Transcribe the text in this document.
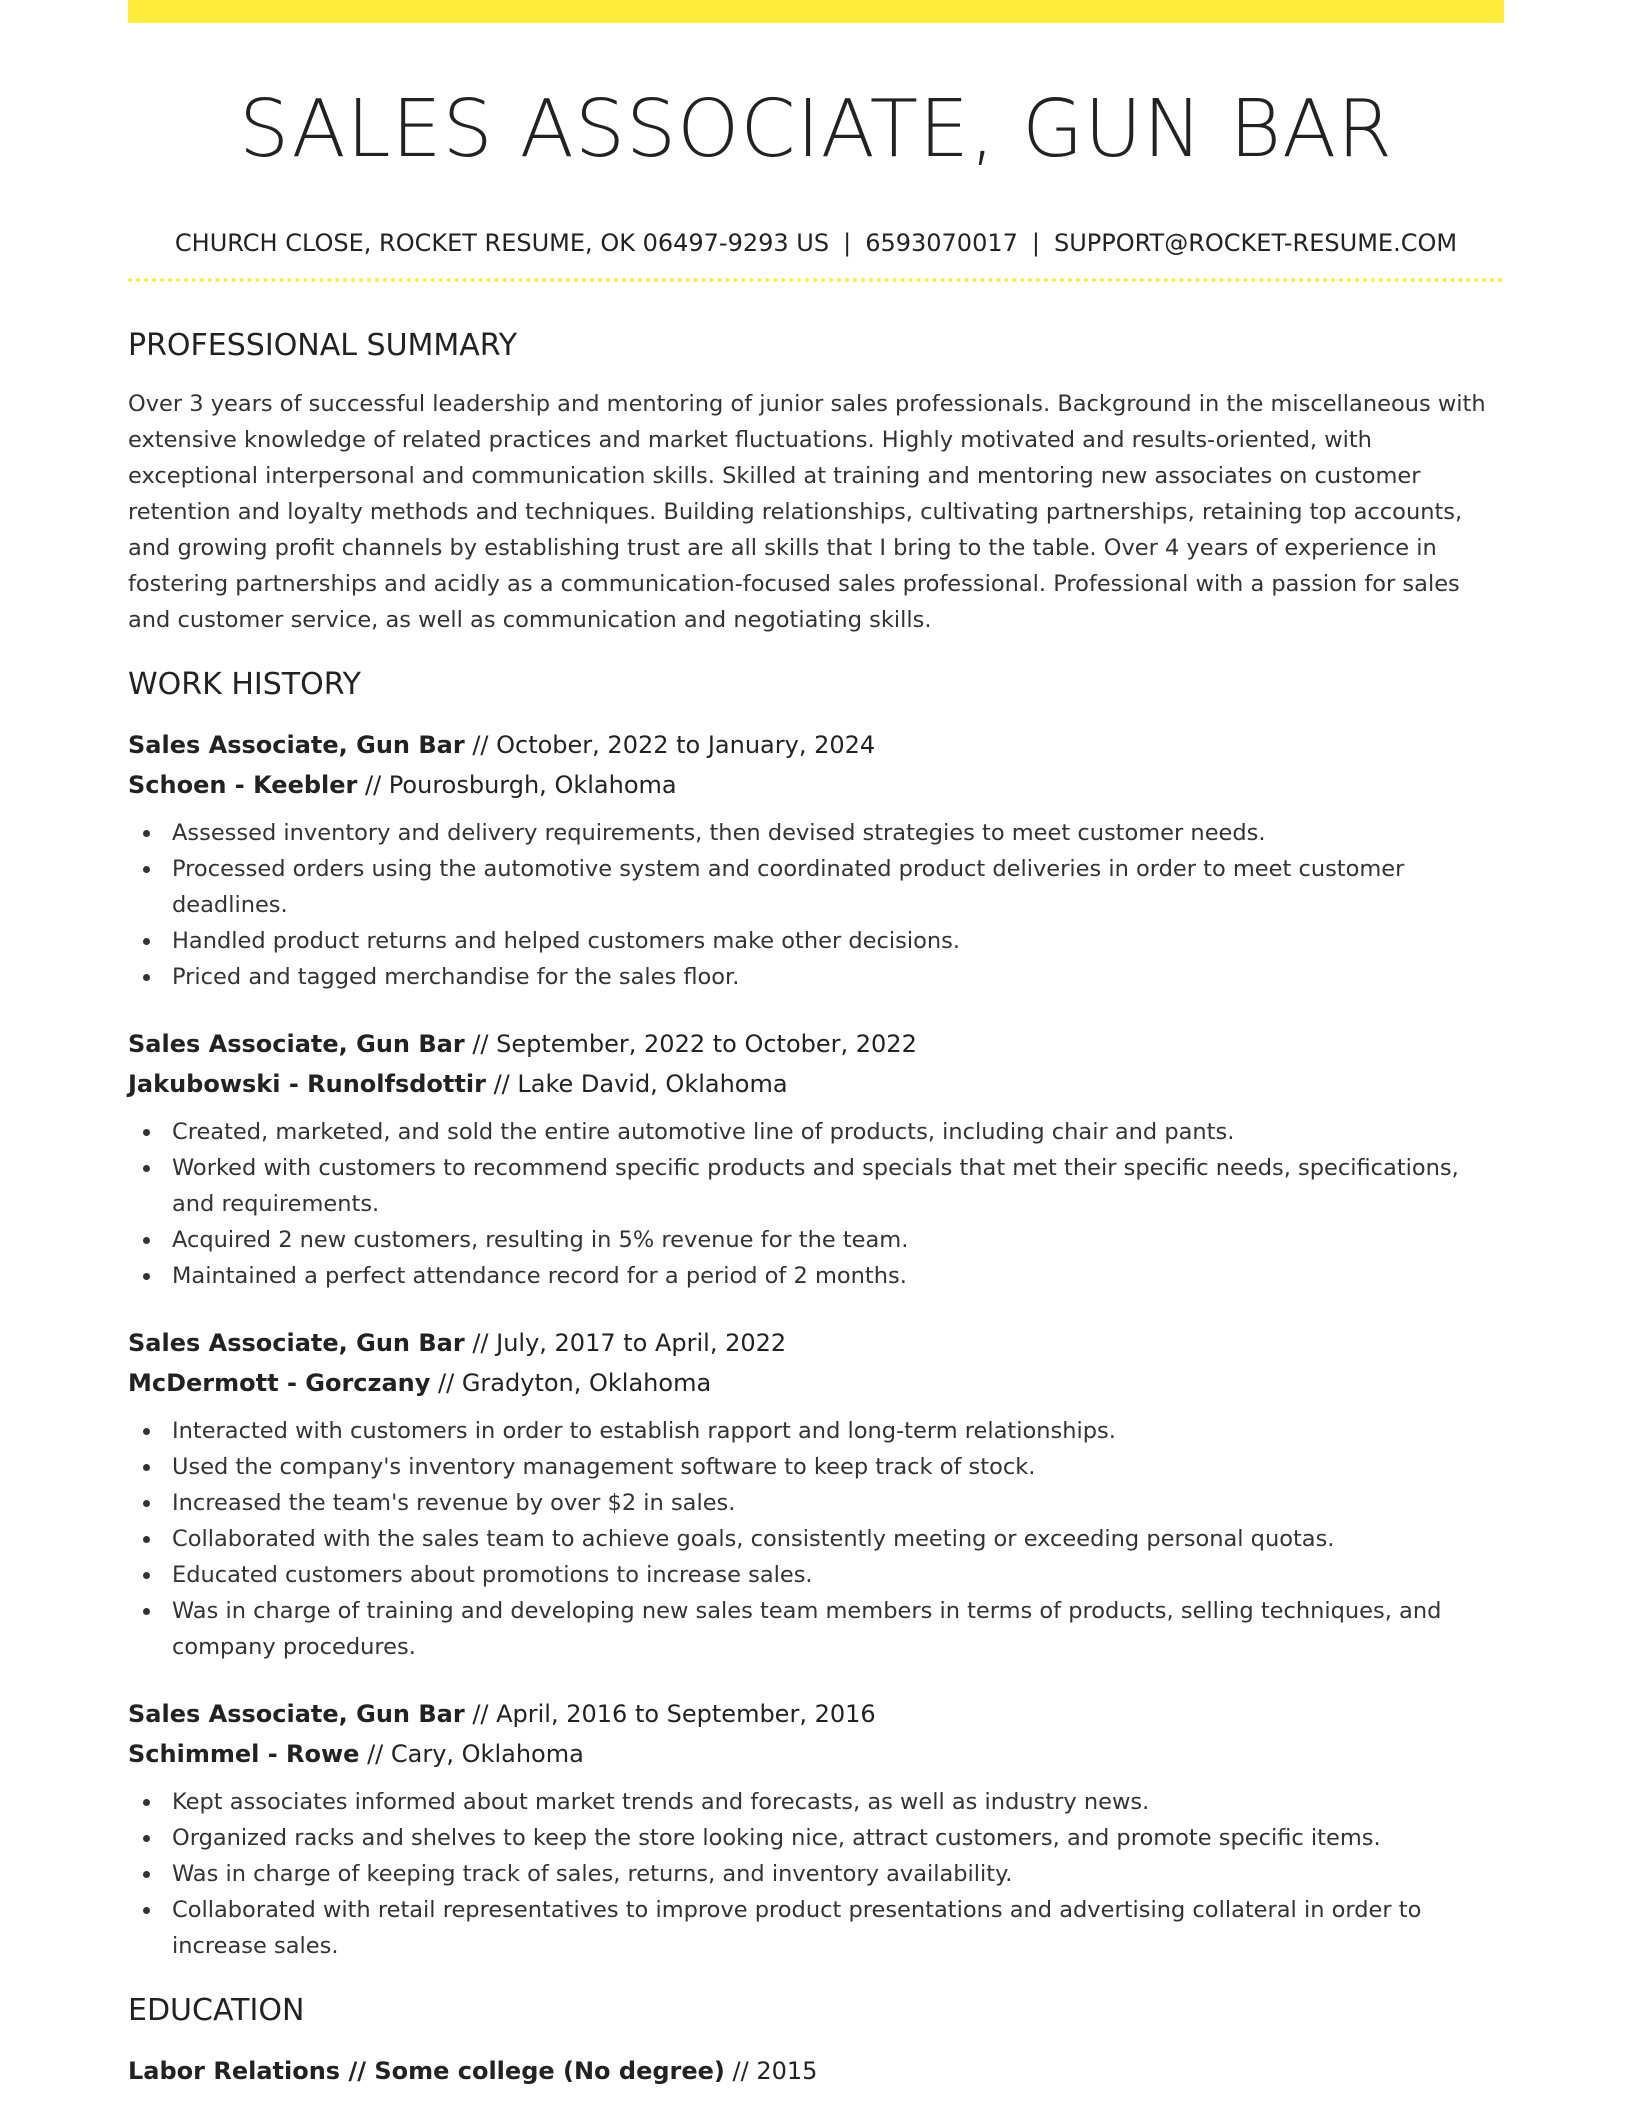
SALES ASSOCIATE, GUN BAR
CHURCH CLOSE, ROCKET RESUME, OK 06497-9293 US | 6593070017 | SUPPORT@ROCKET-RESUME.COM
PROFESSIONAL SUMMARY
Over 3 years of successful leadership and mentoring of junior sales professionals. Background in the miscellaneous with extensive knowledge of related practices and market fluctuations. Highly motivated and results-oriented, with exceptional interpersonal and communication skills. Skilled at training and mentoring new associates on customer retention and loyalty methods and techniques. Building relationships, cultivating partnerships, retaining top accounts, and growing profit channels by establishing trust are all skills that I bring to the table. Over 4 years of experience in fostering partnerships and acidly as a communication-focused sales professional. Professional with a passion for sales and customer service, as well as communication and negotiating skills.
WORK HISTORY
Sales Associate, Gun Bar // October, 2022 to January, 2024
Schoen - Keebler // Pourosburgh, Oklahoma
Assessed inventory and delivery requirements, then devised strategies to meet customer needs.
Processed orders using the automotive system and coordinated product deliveries in order to meet customer deadlines.
Handled product returns and helped customers make other decisions.
Priced and tagged merchandise for the sales floor.
Sales Associate, Gun Bar // September, 2022 to October, 2022
Jakubowski - Runolfsdottir // Lake David, Oklahoma
Created, marketed, and sold the entire automotive line of products, including chair and pants.
Worked with customers to recommend specific products and specials that met their specific needs, specifications, and requirements.
Acquired 2 new customers, resulting in 5% revenue for the team.
Maintained a perfect attendance record for a period of 2 months.
Sales Associate, Gun Bar // July, 2017 to April, 2022
McDermott - Gorczany // Gradyton, Oklahoma
Interacted with customers in order to establish rapport and long-term relationships.
Used the company's inventory management software to keep track of stock.
Increased the team's revenue by over $2 in sales.
Collaborated with the sales team to achieve goals, consistently meeting or exceeding personal quotas.
Educated customers about promotions to increase sales.
Was in charge of training and developing new sales team members in terms of products, selling techniques, and company procedures.
Sales Associate, Gun Bar // April, 2016 to September, 2016
Schimmel - Rowe // Cary, Oklahoma
Kept associates informed about market trends and forecasts, as well as industry news.
Organized racks and shelves to keep the store looking nice, attract customers, and promote specific items.
Was in charge of keeping track of sales, returns, and inventory availability.
Collaborated with retail representatives to improve product presentations and advertising collateral in order to increase sales.
EDUCATION
Labor Relations // Some college (No degree) // 2015
